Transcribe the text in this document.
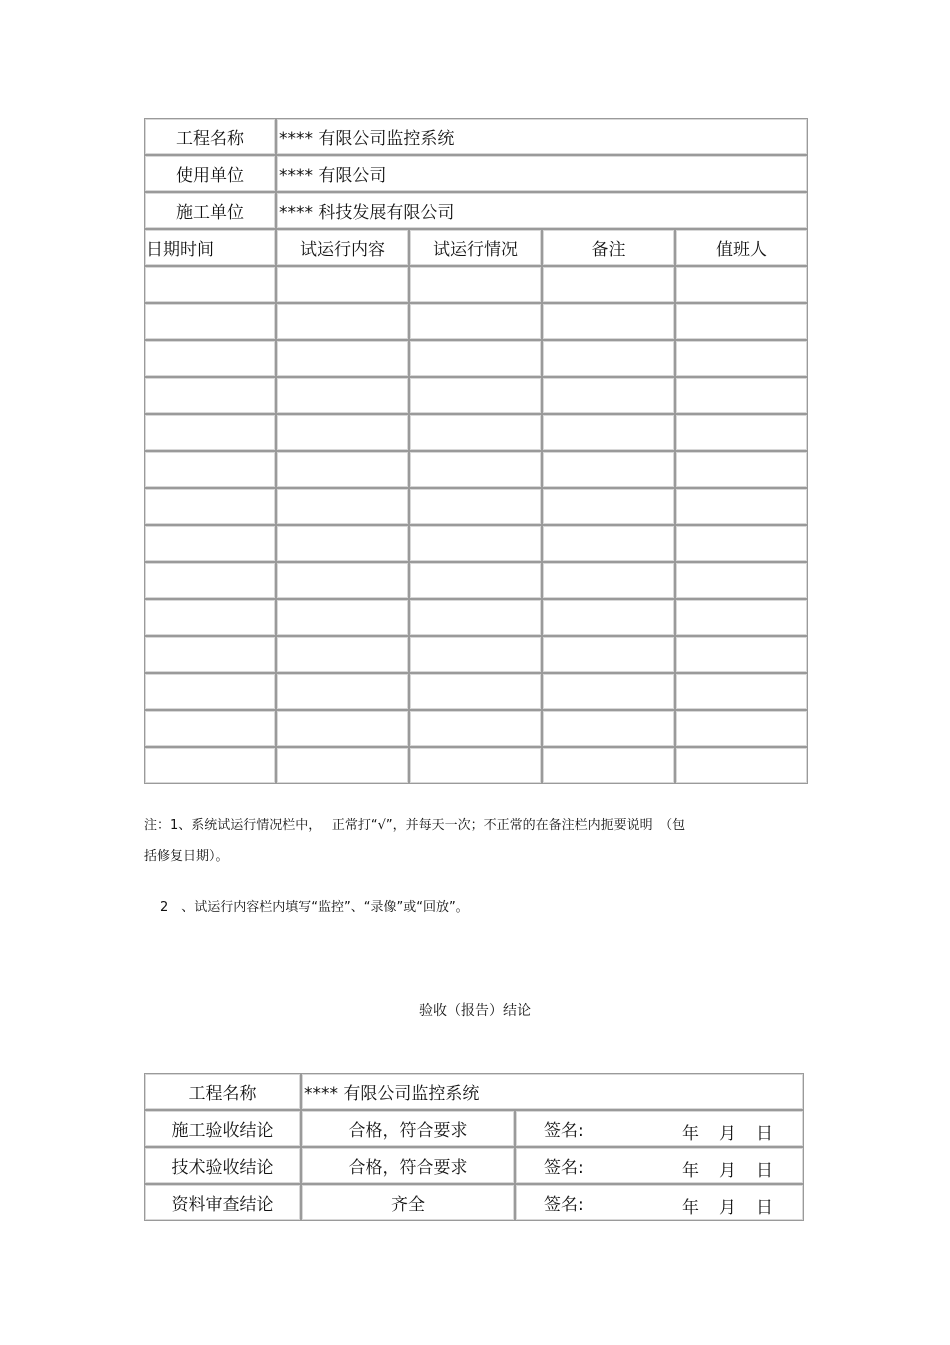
工程名称	**** 有限公司监控系统			
使用单位	**** 有限公司			
施工单位	**** 科技发展有限公司			
日期时间	试运行内容	试运行情况	备注	值班人

注：1、系统试运行情况栏中，　 正常打“√”，并每天一次；不正常的在备注栏内扼要说明　（包
括修复日期）。
2　、试运行内容栏内填写“监控”、“录像”或“回放”。
验收（报告）结论
工程名称	**** 有限公司监控系统	
施工验收结论	合格，符合要求	签名: 年 月 日

技术验收结论	合格，符合要求	签名: 年 月 日

资料审查结论	齐全	签名: 年 月 日
